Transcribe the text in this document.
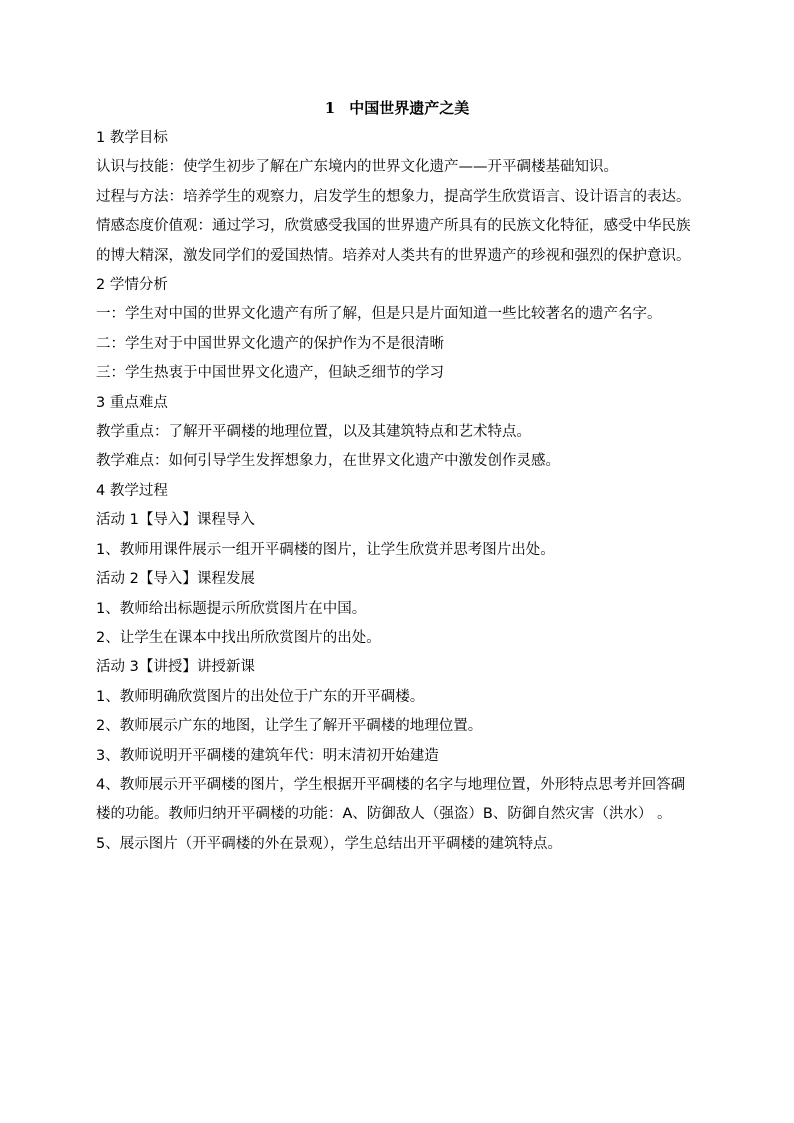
1 中国世界遗产之美

1 教学目标

认识与技能：使学生初步了解在广东境内的世界文化遗产——开平碉楼基础知识。

过程与方法：培养学生的观察力，启发学生的想象力，提高学生欣赏语言、设计语言的表达。

情感态度价值观：通过学习，欣赏感受我国的世界遗产所具有的民族文化特征，感受中华民族的博大精深，激发同学们的爱国热情。培养对人类共有的世界遗产的珍视和强烈的保护意识。

2 学情分析

一：学生对中国的世界文化遗产有所了解，但是只是片面知道一些比较著名的遗产名字。

二：学生对于中国世界文化遗产的保护作为不是很清晰

三：学生热衷于中国世界文化遗产，但缺乏细节的学习

3 重点难点

教学重点：了解开平碉楼的地理位置，以及其建筑特点和艺术特点。

教学难点：如何引导学生发挥想象力，在世界文化遗产中激发创作灵感。

4 教学过程

活动 1【导入】课程导入

1、教师用课件展示一组开平碉楼的图片，让学生欣赏并思考图片出处。

活动 2【导入】课程发展

1、教师给出标题提示所欣赏图片在中国。

2、让学生在课本中找出所欣赏图片的出处。

活动 3【讲授】讲授新课

1、教师明确欣赏图片的出处位于广东的开平碉楼。

2、教师展示广东的地图，让学生了解开平碉楼的地理位置。

3、教师说明开平碉楼的建筑年代：明末清初开始建造

4、教师展示开平碉楼的图片，学生根据开平碉楼的名字与地理位置，外形特点思考并回答碉楼的功能。教师归纳开平碉楼的功能：A、防御敌人（强盗）B、防御自然灾害（洪水） 。

5、展示图片（开平碉楼的外在景观），学生总结出开平碉楼的建筑特点。
